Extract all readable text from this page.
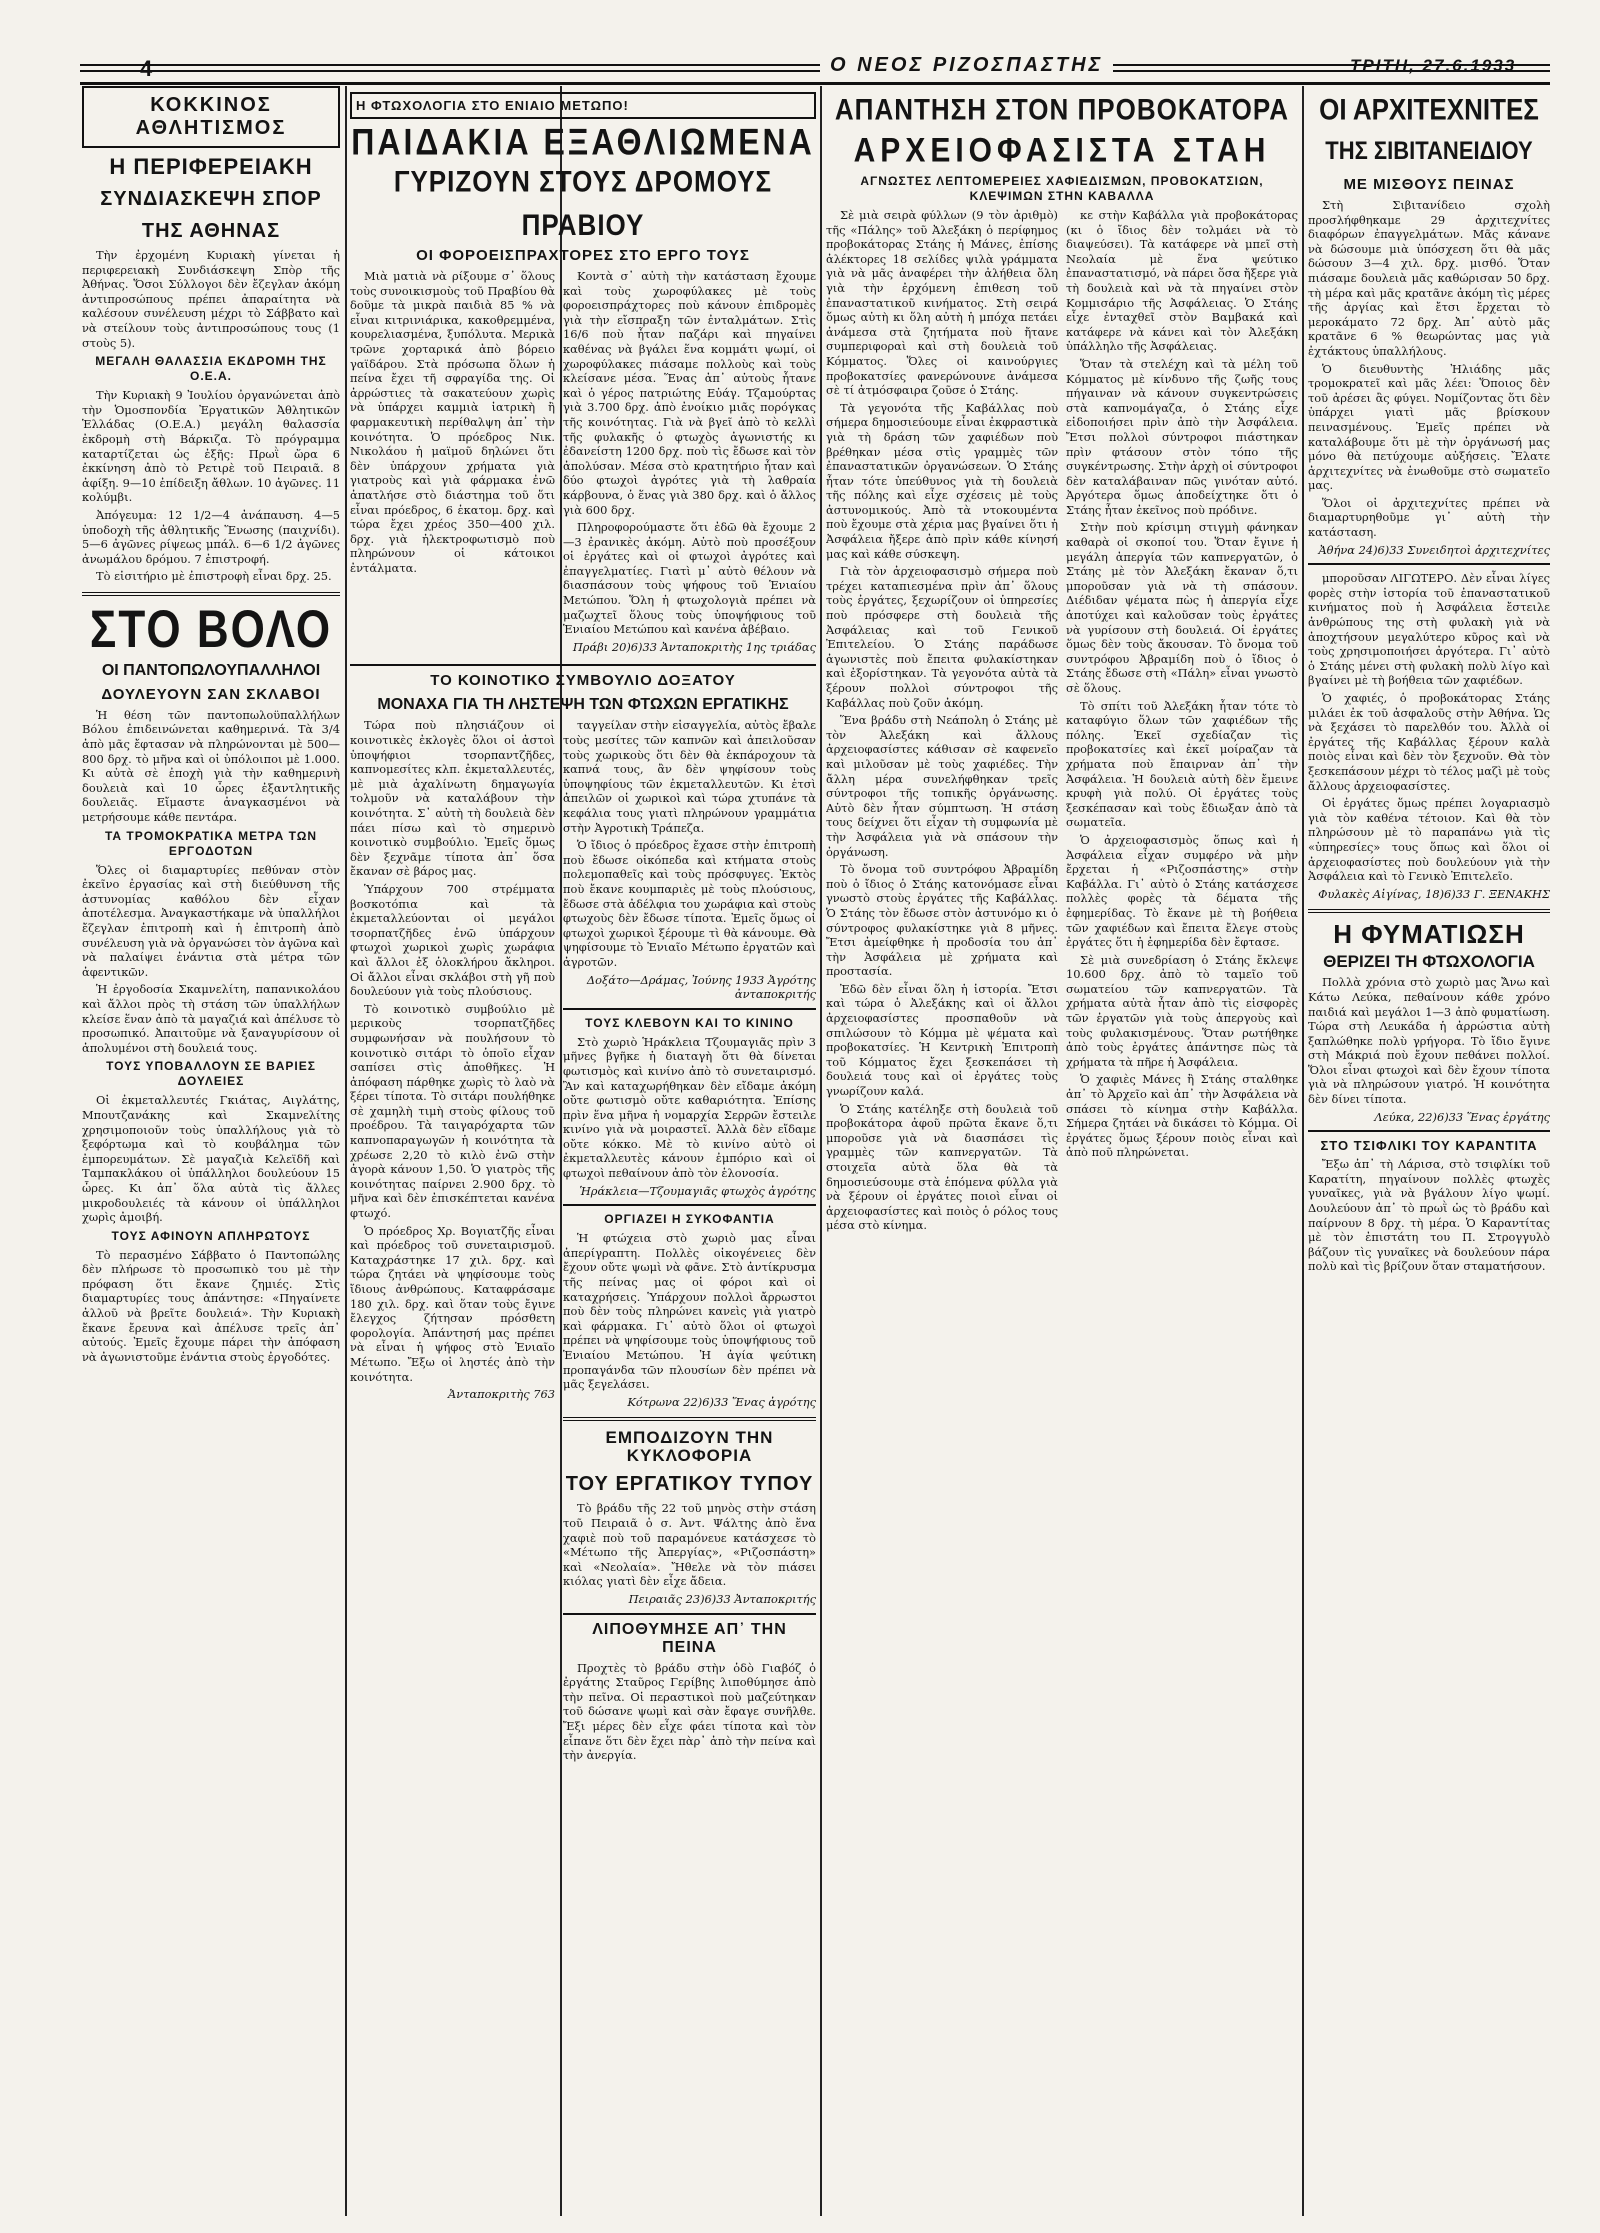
4	Ο ΝΕΟΣ ΡΙΖΟΣΠΑΣΤΗΣ	ΤΡΙΤΗ, 27.6.1933
ΚΟΚΚΙΝΟΣ ΑΘΛΗΤΙΣΜΟΣ
Η ΠΕΡΙΦΕΡΕΙΑΚΗ
ΣΥΝΔΙΑΣΚΕΨΗ ΣΠΟΡ
ΤΗΣ ΑΘΗΝΑΣ

Τὴν ἐρχομένη Κυριακὴ γίνεται ἡ περιφερειακὴ Συνδιάσκεψη Σπὸρ τῆς Ἀθήνας. Ὅσοι Σύλλογοι δὲν ἔζεγλαν ἀκόμη ἀντιπροσώπους πρέπει ἀπαραίτητα νὰ καλέσουν συνέλευση μέχρι τὸ Σάββατο καὶ νὰ στείλουν τοὺς ἀντιπροσώπους τους (1 στοὺς 5).

ΜΕΓΑΛΗ ΘΑΛΑΣΣΙΑ ΕΚΔΡΟΜΗ ΤΗΣ Ο.Ε.Α.

Τὴν Κυριακὴ 9 Ἰουλίου ὀργανώνεται ἀπὸ τὴν Ὁμοσπονδία Ἐργατικῶν Ἀθλητικῶν Ἑλλάδας (Ο.Ε.Α.) μεγάλη θαλασσία ἐκδρομὴ στὴ Βάρκιζα. Τὸ πρόγραμμα καταρτίζεται ὡς ἐξῆς: Πρωῒ ὥρα 6 ἐκκίνηση ἀπὸ τὸ Ρετιρὲ τοῦ Πειραιᾶ. 8 ἀφίξη. 9—10 ἐπίδειξη ἄθλων. 10 ἀγῶνες. 11 κολύμβι.

Ἀπόγευμα: 12 1/2—4 ἀνάπαυση. 4—5 ὑποδοχὴ τῆς ἀθλητικῆς Ἕνωσης (παιχνίδι). 5—6 ἀγῶνες ρίψεως μπάλ. 6—6 1/2 ἀγῶνες ἀνωμάλου δρόμου. 7 ἐπιστροφή.

Τὸ εἰσιτήριο μὲ ἐπιστροφὴ εἶναι δρχ. 25.

ΣΤΟ ΒΟΛΟ
ΟΙ ΠΑΝΤΟΠΩΛΟΥΠΑΛΛΗΛΟΙ
ΔΟΥΛΕΥΟΥΝ ΣΑΝ ΣΚΛΑΒΟΙ

Ἡ θέση τῶν παντοπωλοϋπαλλήλων Βόλου ἐπιδεινώνεται καθημερινά. Τὰ 3/4 ἀπὸ μᾶς ἔφτασαν νὰ πληρώνονται μὲ 500—800 δρχ. τὸ μῆνα καὶ οἱ ὑπόλοιποι μὲ 1.000. Κι αὐτὰ σὲ ἐποχὴ γιὰ τὴν καθημερινὴ δουλειὰ καὶ 10 ὧρες ἐξαντλητικῆς δουλειᾶς. Εἴμαστε ἀναγκασμένοι νὰ μετρήσουμε κάθε πεντάρα.

ΤΑ ΤΡΟΜΟΚΡΑΤΙΚΑ ΜΕΤΡΑ ΤΩΝ ΕΡΓΟΔΟΤΩΝ

Ὅλες οἱ διαμαρτυρίες πεθύναν στὸν ἐκεῖνο ἐργασίας καὶ στὴ διεύθυνση τῆς ἀστυνομίας καθόλου δὲν εἶχαν ἀποτέλεσμα. Ἀναγκαστήκαμε νὰ ὑπαλλήλοι ἔζεγλαν ἐπιτροπὴ καὶ ἡ ἐπιτροπὴ ἀπὸ συνέλευση γιὰ νὰ ὀργανώσει τὸν ἀγῶνα καὶ νὰ παλαίψει ἐνάντια στὰ μέτρα τῶν ἀφεντικῶν.

Ἡ ἐργοδοσία Σκαμνελίτη, παπανικολάου καὶ ἄλλοι πρὸς τὴ στάση τῶν ὑπαλλήλων κλείσε ἕναν ἀπὸ τὰ μαγαζιά καὶ ἀπέλυσε τὸ προσωπικό. Ἀπαιτοῦμε νὰ ξαναγυρίσουν οἱ ἀπολυμένοι στὴ δουλειά τους.

ΤΟΥΣ ΥΠΟΒΑΛΛΟΥΝ ΣΕ ΒΑΡΙΕΣ ΔΟΥΛΕΙΕΣ

Οἱ ἐκμεταλλευτές Γκιάτας, Αιγλάτης, Μπουτζανάκης καὶ Σκαμνελίτης χρησιμοποιοῦν τοὺς ὑπαλλήλους γιὰ τὸ ξεφόρτωμα καὶ τὸ κουβάλημα τῶν ἐμπορευμάτων. Σὲ μαγαζιὰ Κελεϊδῆ καὶ Ταμπακλάκου οἱ ὑπάλληλοι δουλεύουν 15 ὧρες. Κι ἀπ᾿ ὅλα αὐτὰ τὶς ἄλλες μικροδουλειές τὰ κάνουν οἱ ὑπάλληλοι χωρὶς ἀμοιβή.

ΤΟΥΣ ΑΦΙΝΟΥΝ ΑΠΛΗΡΩΤΟΥΣ

Τὸ περασμένο Σάββατο ὁ Παντοπώλης δὲν πλήρωσε τὸ προσωπικὸ του μὲ τὴν πρόφαση ὅτι ἔκανε ζημιές. Στὶς διαμαρτυρίες τους ἀπάντησε: «Πηγαίνετε ἀλλοῦ νὰ βρεῖτε δουλειά». Τὴν Κυριακὴ ἔκανε ἔρευνα καὶ ἀπέλυσε τρεῖς ἀπ᾿ αὐτούς. Ἐμεῖς ἔχουμε πάρει τὴν ἀπόφαση νὰ ἀγωνιστοῦμε ἐνάντια στοὺς ἐργοδότες.

Η ΦΤΩΧΟΛΟΓΙΑ ΣΤΟ ΕΝΙΑΙΟ ΜΕΤΩΠΟ!
ΠΑΙΔΑΚΙΑ ΕΞΑΘΛΙΩΜΕΝΑ
ΓΥΡΙΖΟΥΝ ΣΤΟΥΣ ΔΡΟΜΟΥΣ ΠΡΑΒΙΟΥ
ΟΙ ΦΟΡΟΕΙΣΠΡΑΧΤΟΡΕΣ ΣΤΟ ΕΡΓΟ ΤΟΥΣ

Μιὰ ματιὰ νὰ ρίξουμε σ᾿ ὅλους τοὺς συνοικισμοὺς τοῦ Πραβίου θὰ δοῦμε τὰ μικρὰ παιδιὰ 85 % νὰ εἶναι κιτρινιάρικα, κακοθρεμμένα, κουρελιασμένα, ξυπόλυτα. Μερικὰ τρῶνε χορταρικά ἀπὸ βόρειο γαϊδάρου. Στὰ πρόσωπα ὅλων ἡ πείνα ἔχει τῆ σφραγίδα της. Οἱ ἀρρώστιες τὰ σακατεύουν χωρὶς νὰ ὑπάρχει καμμιὰ ἰατρικὴ ἢ φαρμακευτικὴ περίθαλψη ἀπ᾿ τὴν κοινότητα. Ὁ πρόεδρος Νικ. Νικολάου ἡ μαϊμοῦ δηλώνει ὅτι δὲν ὑπάρχουν χρήματα γιὰ γιατροὺς καὶ γιὰ φάρμακα ἐνῶ ἀπατλήσε στὸ διάστημα τοῦ ὅτι εἶναι πρόεδρος, 6 ἑκατομ. δρχ. καὶ τώρα ἔχει χρέος 350—400 χιλ. δρχ. γιὰ ἠλεκτροφωτισμὸ ποὺ πληρώνουν οἱ κάτοικοι ἐντάλματα.

Κοντὰ σ᾿ αὐτὴ τὴν κατάσταση ἔχουμε καὶ τοὺς χωροφύλακες μὲ τοὺς φοροεισπράχτορες ποὺ κάνουν ἐπιδρομὲς γιὰ τὴν εἴσπραξη τῶν ἐνταλμάτων. Στὶς 16/6 ποὺ ἦταν παζάρι καὶ πηγαίνει καθένας νὰ βγάλει ἕνα κομμάτι ψωμί, οἱ χωροφύλακες πιάσαμε πολλοὺς καὶ τοὺς κλείσανε μέσα. Ἕνας ἀπ᾿ αὐτοὺς ἦτανε καὶ ὁ γέρος πατριώτης Εὐάγ. Τζαμούρτας γιὰ 3.700 δρχ. ἀπὸ ἐνοίκιο μιᾶς πορόγκας τῆς κοινότητας. Γιὰ νὰ βγεῖ ἀπὸ τὸ κελλὶ τῆς φυλακῆς ὁ φτωχὸς ἀγωνιστής κι ἐδανείστη 1200 δρχ. ποὺ τὶς ἔδωσε καὶ τὸν ἀπολύσαν. Μέσα στὸ κρατητήριο ἦταν καὶ δύο φτωχοὶ ἀγρότες γιὰ τὴ λαθραία κάρβουνα, ὁ ἕνας γιὰ 380 δρχ. καὶ ὁ ἄλλος γιὰ 600 δρχ.

Πληροφορούμαστε ὅτι ἐδῶ θὰ ἔχουμε 2—3 ἐρανικὲς ἀκόμη. Αὐτὸ ποὺ προσέξουν οἱ ἐργάτες καὶ οἱ φτωχοὶ ἀγρότες καὶ ἐπαγγελματίες. Γιατὶ μ᾿ αὐτὸ θέλουν νὰ διασπάσουν τοὺς ψήφους τοῦ Ἑνιαίου Μετώπου. Ὅλη ἡ φτωχολογιὰ πρέπει νὰ μαζωχτεῖ ὅλους τοὺς ὑποψήφιους τοῦ Ἑνιαίου Μετώπου καὶ κανένα ἀβέβαιο.

Πράβι 20)6)33 Ἀνταποκριτὴς 1ης τριάδας

ΤΟ ΚΟΙΝΟΤΙΚΟ ΣΥΜΒΟΥΛΙΟ ΔΟΞΑΤΟΥ
ΜΟΝΑΧΑ ΓΙΑ ΤΗ ΛΗΣΤΕΨΗ ΤΩΝ ΦΤΩΧΩΝ ΕΡΓΑΤΙΚΗΣ

Τώρα ποὺ πλησιάζουν οἱ κοινοτικὲς ἐκλογὲς ὅλοι οἱ ἀστοὶ ὑποψήφιοι τσορπαντζῆδες, καπνομεσίτες κλπ. ἐκμεταλλευτές, μὲ μιὰ ἀχαλίνωτη δημαγωγία τολμοῦν νὰ καταλάβουν τὴν κοινότητα. Σ᾿ αὐτὴ τὴ δουλειὰ δὲν πάει πίσω καὶ τὸ σημερινὸ κοινοτικὸ συμβούλιο. Ἐμεῖς ὅμως δὲν ξεχνᾶμε τίποτα ἀπ᾿ ὅσα ἔκαναν σὲ βάρος μας.

Ὑπάρχουν 700 στρέμματα βοσκοτόπια καὶ τὰ ἐκμεταλλεύονται οἱ μεγάλοι τσορπατζῆδες ἐνῶ ὑπάρχουν φτωχοὶ χωρικοὶ χωρὶς χωράφια καὶ ἄλλοι ἐξ ὁλοκλήρου ἄκληροι. Οἱ ἄλλοι εἶναι σκλάβοι στὴ γῆ ποὺ δουλεύουν γιὰ τοὺς πλούσιους.

Τὸ κοινοτικὸ συμβούλιο μὲ μερικοὺς τσορπατζῆδες συμφωνήσαν νὰ πουλήσουν τὸ κοινοτικὸ σιτάρι τὸ ὁποῖο εἶχαν σαπίσει στὶς ἀποθῆκες. Ἡ ἀπόφαση πάρθηκε χωρὶς τὸ λαὸ νὰ ξέρει τίποτα. Τὸ σιτάρι πουλήθηκε σὲ χαμηλὴ τιμὴ στοὺς φίλους τοῦ προέδρου. Τὰ ταιγαρόχαρτα τῶν καπνοπαραγωγῶν ἡ κοινότητα τὰ χρέωσε 2,20 τὸ κιλὸ ἐνῶ στὴν ἀγορὰ κάνουν 1,50. Ὁ γιατρὸς τῆς κοινότητας παίρνει 2.900 δρχ. τὸ μῆνα καὶ δὲν ἐπισκέπτεται κανένα φτωχό.

Ὁ πρόεδρος Χρ. Βογιατζῆς εἶναι καὶ πρόεδρος τοῦ συνεταιρισμοῦ. Καταχράστηκε 17 χιλ. δρχ. καὶ τώρα ζητάει νὰ ψηφίσουμε τοὺς ἴδιους ἀνθρώπους. Καταφράσαμε 180 χιλ. δρχ. καὶ ὅταν τοὺς ἔγινε ἔλεγχος ζήτησαν πρόσθετη φορολογία. Ἀπάντησή μας πρέπει νὰ εἶναι ἡ ψήφος στὸ Ἑνιαῖο Μέτωπο. Ἔξω οἱ ληστές ἀπὸ τὴν κοινότητα.

Ἀνταποκριτὴς 763

ταγγείλαν στὴν εἰσαγγελία, αὐτὸς ἔβαλε τοὺς μεσίτες τῶν καπνῶν καὶ ἀπειλοῦσαν τοὺς χωρικοὺς ὅτι δὲν θὰ ἐκπάροχουν τὰ καπνά τους, ἂν δὲν ψηφίσουν τοὺς ὑποψηφίους τῶν ἐκμεταλλευτῶν. Κι ἐτσὶ ἀπειλῶν οἱ χωρικοὶ καὶ τώρα χτυπάνε τὰ κεφάλια τους γιατὶ πληρώνουν γραμμάτια στὴν Ἀγροτικὴ Τράπεζα.

Ὁ ἴδιος ὁ πρόεδρος ἔχασε στὴν ἐπιτροπὴ ποὺ ἔδωσε οἰκόπεδα καὶ κτήματα στοὺς πολεμοπαθεῖς καὶ τοὺς πρόσφυγες. Ἐκτὸς ποὺ ἔκανε κουμπαριὲς μὲ τοὺς πλούσιους, ἔδωσε στὰ ἀδέλφια του χωράφια καὶ στοὺς φτωχοὺς δὲν ἔδωσε τίποτα. Ἐμεῖς ὅμως οἱ φτωχοὶ χωρικοὶ ξέρουμε τὶ θὰ κάνουμε. Θὰ ψηφίσουμε τὸ Ἑνιαῖο Μέτωπο ἐργατῶν καὶ ἀγροτῶν.

Δοξάτο—Δράμας, Ἰούνης 1933 Ἀγρότης ἀνταποκριτής

ΤΟΥΣ ΚΛΕΒΟΥΝ ΚΑΙ ΤΟ ΚΙΝΙΝΟ

Στὸ χωριὸ Ἡράκλεια Τζουμαγιᾶς πρὶν 3 μῆνες βγῆκε ἡ διαταγὴ ὅτι θὰ δίνεται φωτισμὸς καὶ κινίνο ἀπὸ τὸ συνεταιρισμό. Ἂν καὶ καταχωρήθηκαν δὲν εἴδαμε ἀκόμη οὔτε φωτισμὸ οὔτε καθαριότητα. Ἐπίσης πρὶν ἕνα μῆνα ἡ νομαρχία Σερρῶν ἔστειλε κινίνο γιὰ νὰ μοιραστεῖ. Ἀλλὰ δὲν εἴδαμε οὔτε κόκκο. Μὲ τὸ κινίνο αὐτὸ οἱ ἐκμεταλλευτὲς κάνουν ἐμπόριο καὶ οἱ φτωχοὶ πεθαίνουν ἀπὸ τὸν ἑλονοσία.

Ἡράκλεια—Τζουμαγιᾶς φτωχὸς ἀγρότης

ΟΡΓΙΑΖΕΙ Η ΣΥΚΟΦΑΝΤΙΑ

Ἡ φτώχεια στὸ χωριὸ μας εἶναι ἀπερίγραπτη. Πολλὲς οἰκογένειες δὲν ἔχουν οὔτε ψωμὶ νὰ φᾶνε. Στὸ ἀντίκρυσμα τῆς πείνας μας οἱ φόροι καὶ οἱ καταχρήσεις. Ὑπάρχουν πολλοὶ ἄρρωστοι ποὺ δὲν τοὺς πληρώνει κανεὶς γιὰ γιατρὸ καὶ φάρμακα. Γι᾿ αὐτὸ ὅλοι οἱ φτωχοὶ πρέπει νὰ ψηφίσουμε τοὺς ὑποψήφιους τοῦ Ἑνιαίου Μετώπου. Ἡ ἀγία ψεύτικη προπαγάνδα τῶν πλουσίων δὲν πρέπει νὰ μᾶς ξεγελάσει.

Κότρωνα 22)6)33 Ἕνας ἀγρότης

ΕΜΠΟΔΙΖΟΥΝ ΤΗΝ ΚΥΚΛΟΦΟΡΙΑ
ΤΟΥ ΕΡΓΑΤΙΚΟΥ ΤΥΠΟΥ

Τὸ βράδυ τῆς 22 τοῦ μηνὸς στὴν στάση τοῦ Πειραιᾶ ὁ σ. Ἀντ. Ψάλτης ἀπὸ ἕνα χαφιὲ ποὺ τοῦ παραμόνευε κατάσχεσε τὸ «Μέτωπο τῆς Ἀπεργίας», «Ριζοσπάστη» καὶ «Νεολαία». Ἤθελε νὰ τὸν πιάσει κιόλας γιατὶ δὲν εἶχε ἄδεια.

Πειραιᾶς 23)6)33 Ἀνταποκριτής

ΛΙΠΟΘΥΜΗΣΕ ΑΠ᾿ ΤΗΝ ΠΕΙΝΑ

Προχτὲς τὸ βράδυ στὴν ὁδὸ Γιαβόζ ὁ ἐργάτης Σταῦρος Γερίβης λιποθύμησε ἀπὸ τὴν πεῖνα. Οἱ περαστικοὶ ποὺ μαζεύτηκαν τοῦ δώσανε ψωμὶ καὶ σὰν ἔφαγε συνῆλθε. Ἔξι μέρες δὲν εἶχε φάει τίποτα καὶ τὸν εἶπανε ὅτι δὲν ἔχει πὰρ᾿ ἀπὸ τὴν πείνα καὶ τὴν ἀνεργία.

ΑΠΑΝΤΗΣΗ ΣΤΟΝ ΠΡΟΒΟΚΑΤΟΡΑ
ΑΡΧΕΙΟΦΑΣΙΣΤΑ ΣΤΑΗ
ΑΓΝΩΣΤΕΣ ΛΕΠΤΟΜΕΡΕΙΕΣ ΧΑΦΙΕΔΙΣΜΩΝ, ΠΡΟΒΟΚΑΤΣΙΩΝ, ΚΛΕΨΙΜΩΝ ΣΤΗΝ ΚΑΒΑΛΛΑ

Σὲ μιὰ σειρὰ φύλλων (9 τὸν ἀριθμὸ) τῆς «Πάλης» τοῦ Ἀλεξάκη ὁ περίφημος προβοκάτορας Στάης ἡ Μάνες, ἐπίσης ἀλέκτορες 18 σελίδες ψιλὰ γράμματα γιὰ νὰ μᾶς ἀναφέρει τὴν ἀλήθεια ὅλη γιὰ τὴν ἐρχόμενη ἐπιθεση τοῦ ἐπαναστατικοῦ κινήματος. Στὴ σειρά ὅμως αὐτὴ κι ὅλη αὐτὴ ἡ μπόχα πετάει ἀνάμεσα στὰ ζητήματα ποὺ ἤτανε συμπεριφοραὶ καὶ στὴ δουλειὰ τοῦ Κόμματος. Ὅλες οἱ καινούργιες προβοκατσίες φανερώνουνε ἀνάμεσα σὲ τί ἀτμόσφαιρα ζοῦσε ὁ Στάης.

Τὰ γεγονότα τῆς Καβάλλας ποὺ σήμερα δημοσιεύουμε εἶναι ἐκφραστικὰ γιὰ τὴ δράση τῶν χαφιέδων ποὺ βρέθηκαν μέσα στὶς γραμμὲς τῶν ἐπαναστατικῶν ὀργανώσεων. Ὁ Στάης ἦταν τότε ὑπεύθυνος γιὰ τὴ δουλειὰ τῆς πόλης καὶ εἶχε σχέσεις μὲ τοὺς ἀστυνομικούς. Ἀπὸ τὰ ντοκουμέντα ποὺ ἔχουμε στὰ χέρια μας βγαίνει ὅτι ἡ Ἀσφάλεια ἤξερε ἀπὸ πρὶν κάθε κίνησή μας καὶ κάθε σύσκεψη.

Γιὰ τὸν ἀρχειοφασισμὸ σήμερα ποὺ τρέχει καταπιεσμένα πρὶν ἀπ᾿ ὅλους τοὺς ἐργάτες, ξεχωρίζουν οἱ ὑπηρεσίες ποὺ πρόσφερε στὴ δουλειὰ τῆς Ἀσφάλειας καὶ τοῦ Γενικοῦ Ἐπιτελείου. Ὁ Στάης παράδωσε ἀγωνιστὲς ποὺ ἔπειτα φυλακίστηκαν καὶ ἐξορίστηκαν. Τὰ γεγονότα αὐτὰ τὰ ξέρουν πολλοὶ σύντροφοι τῆς Καβάλλας ποὺ ζοῦν ἀκόμη.

Ἕνα βράδυ στὴ Νεάπολη ὁ Στάης μὲ τὸν Ἀλεξάκη καὶ ἄλλους ἀρχειοφασίστες κάθισαν σὲ καφενεῖο καὶ μιλοῦσαν μὲ τοὺς χαφιέδες. Τὴν ἄλλη μέρα συνελήφθηκαν τρεῖς σύντροφοι τῆς τοπικῆς ὀργάνωσης. Αὐτὸ δὲν ἦταν σύμπτωση. Ἡ στάση τους δείχνει ὅτι εἶχαν τὴ συμφωνία μὲ τὴν Ἀσφάλεια γιὰ νὰ σπάσουν τὴν ὀργάνωση.

Τὸ ὄνομα τοῦ συντρόφου Ἀβραμίδη ποὺ ὁ ἴδιος ὁ Στάης κατονόμασε εἶναι γνωστὸ στοὺς ἐργάτες τῆς Καβάλλας. Ὁ Στάης τὸν ἔδωσε στὸν ἀστυνόμο κι ὁ σύντροφος φυλακίστηκε γιὰ 8 μῆνες. Ἔτσι ἀμείφθηκε ἡ προδοσία του ἀπ᾿ τὴν Ἀσφάλεια μὲ χρήματα καὶ προστασία.

Ἐδῶ δὲν εἶναι ὅλη ἡ ἱστορία. Ἔτσι καὶ τώρα ὁ Ἀλεξάκης καὶ οἱ ἄλλοι ἀρχειοφασίστες προσπαθοῦν νὰ σπιλώσουν τὸ Κόμμα μὲ ψέματα καὶ προβοκατσίες. Ἡ Κεντρικὴ Ἐπιτροπὴ τοῦ Κόμματος ἔχει ξεσκεπάσει τὴ δουλειά τους καὶ οἱ ἐργάτες τοὺς γνωρίζουν καλά.

Ὁ Στάης κατέληξε στὴ δουλειὰ τοῦ προβοκάτορα ἀφοῦ πρῶτα ἔκανε ὅ,τι μποροῦσε γιὰ νὰ διασπάσει τὶς γραμμὲς τῶν καπνεργατῶν. Τὰ στοιχεῖα αὐτὰ ὅλα θὰ τὰ δημοσιεύσουμε στὰ ἑπόμενα φύλλα γιὰ νὰ ξέρουν οἱ ἐργάτες ποιοὶ εἶναι οἱ ἀρχειοφασίστες καὶ ποιὸς ὁ ρόλος τους μέσα στὸ κίνημα.

κε στὴν Καβάλλα γιὰ προβοκάτορας (κι ὁ ἴδιος δὲν τολμάει νὰ τὸ διαψεύσει). Τὰ κατάφερε νὰ μπεῖ στὴ Νεολαία μὲ ἕνα ψεύτικο ἐπαναστατισμό, νὰ πάρει ὅσα ἤξερε γιὰ τὴ δουλειὰ καὶ νὰ τὰ πηγαίνει στὸν Κομμισάριο τῆς Ἀσφάλειας. Ὁ Στάης εἶχε ἐνταχθεῖ στὸν Βαμβακά καὶ κατάφερε νὰ κάνει καὶ τὸν Ἀλεξάκη ὑπάλληλο τῆς Ἀσφάλειας.

Ὅταν τὰ στελέχη καὶ τὰ μέλη τοῦ Κόμματος μὲ κίνδυνο τῆς ζωῆς τους πήγαιναν νὰ κάνουν συγκεντρώσεις στὰ καπνομάγαζα, ὁ Στάης εἶχε εἰδοποιήσει πρὶν ἀπὸ τὴν Ἀσφάλεια. Ἔτσι πολλοὶ σύντροφοι πιάστηκαν πρὶν φτάσουν στὸν τόπο τῆς συγκέντρωσης. Στὴν ἀρχὴ οἱ σύντροφοι δὲν καταλάβαιναν πῶς γινόταν αὐτό. Ἀργότερα ὅμως ἀποδείχτηκε ὅτι ὁ Στάης ἦταν ἐκεῖνος ποὺ πρόδινε.

Στὴν ποὺ κρίσιμη στιγμὴ φάνηκαν καθαρὰ οἱ σκοποί του. Ὅταν ἔγινε ἡ μεγάλη ἀπεργία τῶν καπνεργατῶν, ὁ Στάης μὲ τὸν Ἀλεξάκη ἔκαναν ὅ,τι μποροῦσαν γιὰ νὰ τὴ σπάσουν. Διέδιδαν ψέματα πὼς ἡ ἀπεργία εἶχε ἀποτύχει καὶ καλοῦσαν τοὺς ἐργάτες νὰ γυρίσουν στὴ δουλειά. Οἱ ἐργάτες ὅμως δὲν τοὺς ἄκουσαν. Τὸ ὄνομα τοῦ συντρόφου Ἀβραμίδη ποὺ ὁ ἴδιος ὁ Στάης ἔδωσε στὴ «Πάλη» εἶναι γνωστὸ σὲ ὅλους.

Τὸ σπίτι τοῦ Ἀλεξάκη ἦταν τότε τὸ καταφύγιο ὅλων τῶν χαφιέδων τῆς πόλης. Ἐκεῖ σχεδίαζαν τὶς προβοκατσίες καὶ ἐκεῖ μοίραζαν τὰ χρήματα ποὺ ἔπαιρναν ἀπ᾿ τὴν Ἀσφάλεια. Ἡ δουλειὰ αὐτὴ δὲν ἔμεινε κρυφὴ γιὰ πολύ. Οἱ ἐργάτες τοὺς ξεσκέπασαν καὶ τοὺς ἔδιωξαν ἀπὸ τὰ σωματεῖα.

Ὁ ἀρχειοφασισμὸς ὅπως καὶ ἡ Ἀσφάλεια εἶχαν συμφέρο νὰ μὴν ἔρχεται ἡ «Ριζοσπάστης» στὴν Καβάλλα. Γι᾿ αὐτὸ ὁ Στάης κατάσχεσε πολλὲς φορὲς τὰ δέματα τῆς ἐφημερίδας. Τὸ ἔκανε μὲ τὴ βοήθεια τῶν χαφιέδων καὶ ἔπειτα ἔλεγε στοὺς ἐργάτες ὅτι ἡ ἐφημερίδα δὲν ἔφτασε.

Σὲ μιὰ συνεδρίαση ὁ Στάης ἔκλεψε 10.600 δρχ. ἀπὸ τὸ ταμεῖο τοῦ σωματείου τῶν καπνεργατῶν. Τὰ χρήματα αὐτὰ ἦταν ἀπὸ τὶς εἰσφορὲς τῶν ἐργατῶν γιὰ τοὺς ἀπεργοὺς καὶ τοὺς φυλακισμένους. Ὅταν ρωτήθηκε ἀπὸ τοὺς ἐργάτες ἀπάντησε πὼς τὰ χρήματα τὰ πῆρε ἡ Ἀσφάλεια.

Ὁ χαφιὲς Μάνες ἢ Στάης σταλθηκε ἀπ᾿ τὸ Ἀρχεῖο καὶ ἀπ᾿ τὴν Ἀσφάλεια νὰ σπάσει τὸ κίνημα στὴν Καβάλλα. Σήμερα ζητάει νὰ δικάσει τὸ Κόμμα. Οἱ ἐργάτες ὅμως ξέρουν ποιὸς εἶναι καὶ ἀπὸ ποῦ πληρώνεται.

ΟΙ ΑΡΧΙΤΕΧΝΙΤΕΣ
ΤΗΣ ΣΙΒΙΤΑΝΕΙΔΙΟΥ
ΜΕ ΜΙΣΘΟΥΣ ΠΕΙΝΑΣ

Στὴ Σιβιτανίδειο σχολὴ προσλήφθηκαμε 29 ἀρχιτεχνίτες διαφόρων ἐπαγγελμάτων. Μᾶς κάνανε νὰ δώσουμε μιὰ ὑπόσχεση ὅτι θὰ μᾶς δώσουν 3—4 χιλ. δρχ. μισθό. Ὅταν πιάσαμε δουλειὰ μᾶς καθώρισαν 50 δρχ. τὴ μέρα καὶ μᾶς κρατᾶνε ἀκόμη τὶς μέρες τῆς ἀργίας καὶ ἔτσι ἔρχεται τὸ μεροκάματο 72 δρχ. Ἀπ᾿ αὐτὸ μᾶς κρατᾶνε 6 % θεωρώντας μας γιὰ ἐχτάκτους ὑπαλλήλους.

Ὁ διευθυντὴς Ἠλιάδης μᾶς τρομοκρατεῖ καὶ μᾶς λέει: Ὅποιος δὲν τοῦ ἀρέσει ἂς φύγει. Νομίζοντας ὅτι δὲν ὑπάρχει γιατὶ μᾶς βρίσκουν πεινασμένους. Ἐμεῖς πρέπει νὰ καταλάβουμε ὅτι μὲ τὴν ὀργάνωσή μας μόνο θὰ πετύχουμε αὐξήσεις. Ἔλατε ἀρχιτεχνίτες νὰ ἑνωθοῦμε στὸ σωματεῖο μας.

Ὅλοι οἱ ἀρχιτεχνίτες πρέπει νὰ διαμαρτυρηθοῦμε γι᾿ αὐτὴ τὴν κατάσταση.

Ἀθήνα 24)6)33 Συνειδητοὶ ἀρχιτεχνίτες

μποροῦσαν ΛΙΓΩΤΕΡΟ. Δὲν εἶναι λίγες φορὲς στὴν ἱστορία τοῦ ἐπαναστατικοῦ κινήματος ποὺ ἡ Ἀσφάλεια ἔστειλε ἀνθρώπους της στὴ φυλακὴ γιὰ νὰ ἀποχτήσουν μεγαλύτερο κῦρος καὶ νὰ τοὺς χρησιμοποιήσει ἀργότερα. Γι᾿ αὐτὸ ὁ Στάης μένει στὴ φυλακὴ πολὺ λίγο καὶ βγαίνει μὲ τὴ βοήθεια τῶν χαφιέδων.

Ὁ χαφιές, ὁ προβοκάτορας Στάης μιλάει ἐκ τοῦ ἀσφαλοῦς στὴν Ἀθήνα. Ὡς νὰ ξεχάσει τὸ παρελθόν του. Ἀλλὰ οἱ ἐργάτες τῆς Καβάλλας ξέρουν καλὰ ποιὸς εἶναι καὶ δὲν τὸν ξεχνοῦν. Θὰ τὸν ξεσκεπάσουν μέχρι τὸ τέλος μαζὶ μὲ τοὺς ἄλλους ἀρχειοφασίστες.

Οἱ ἐργάτες ὅμως πρέπει λογαριασμὸ γιὰ τὸν καθένα τέτοιον. Καὶ θὰ τὸν πληρώσουν μὲ τὸ παραπάνω γιὰ τὶς «ὑπηρεσίες» τους ὅπως καὶ ὅλοι οἱ ἀρχειοφασίστες ποὺ δουλεύουν γιὰ τὴν Ἀσφάλεια καὶ τὸ Γενικὸ Ἐπιτελεῖο.

Φυλακὲς Αἰγίνας, 18)6)33 Γ. ΞΕΝΑΚΗΣ

Η ΦΥΜΑΤΙΩΣΗ
ΘΕΡΙΖΕΙ ΤΗ ΦΤΩΧΟΛΟΓΙΑ

Πολλὰ χρόνια στὸ χωριὸ μας Ἄνω καὶ Κάτω Λεύκα, πεθαίνουν κάθε χρόνο παιδιά καὶ μεγάλοι 1—3 ἀπὸ φυματίωση. Τώρα στὴ Λευκάδα ἡ ἀρρώστια αὐτὴ ξαπλώθηκε πολὺ γρήγορα. Τὸ ἴδιο ἔγινε στὴ Μάκριά ποὺ ἔχουν πεθάνει πολλοί. Ὅλοι εἶναι φτωχοὶ καὶ δὲν ἔχουν τίποτα γιὰ νὰ πληρώσουν γιατρό. Ἡ κοινότητα δὲν δίνει τίποτα.

Λεύκα, 22)6)33 Ἕνας ἐργάτης

ΣΤΟ ΤΣΙΦΛΙΚΙ ΤΟΥ ΚΑΡΑΝΤΙΤΑ

Ἔξω ἀπ᾿ τὴ Λάρισα, στὸ τσιφλίκι τοῦ Καρατίτη, πηγαίνουν πολλὲς φτωχὲς γυναῖκες, γιὰ νὰ βγάλουν λίγο ψωμί. Δουλεύουν ἀπ᾿ τὸ πρωῒ ὡς τὸ βράδυ καὶ παίρνουν 8 δρχ. τὴ μέρα. Ὁ Καραντίτας μὲ τὸν ἐπιστάτη του Π. Στρογγυλὸ βάζουν τὶς γυναῖκες νὰ δουλεύουν πάρα πολὺ καὶ τὶς βρίζουν ὅταν σταματήσουν.
